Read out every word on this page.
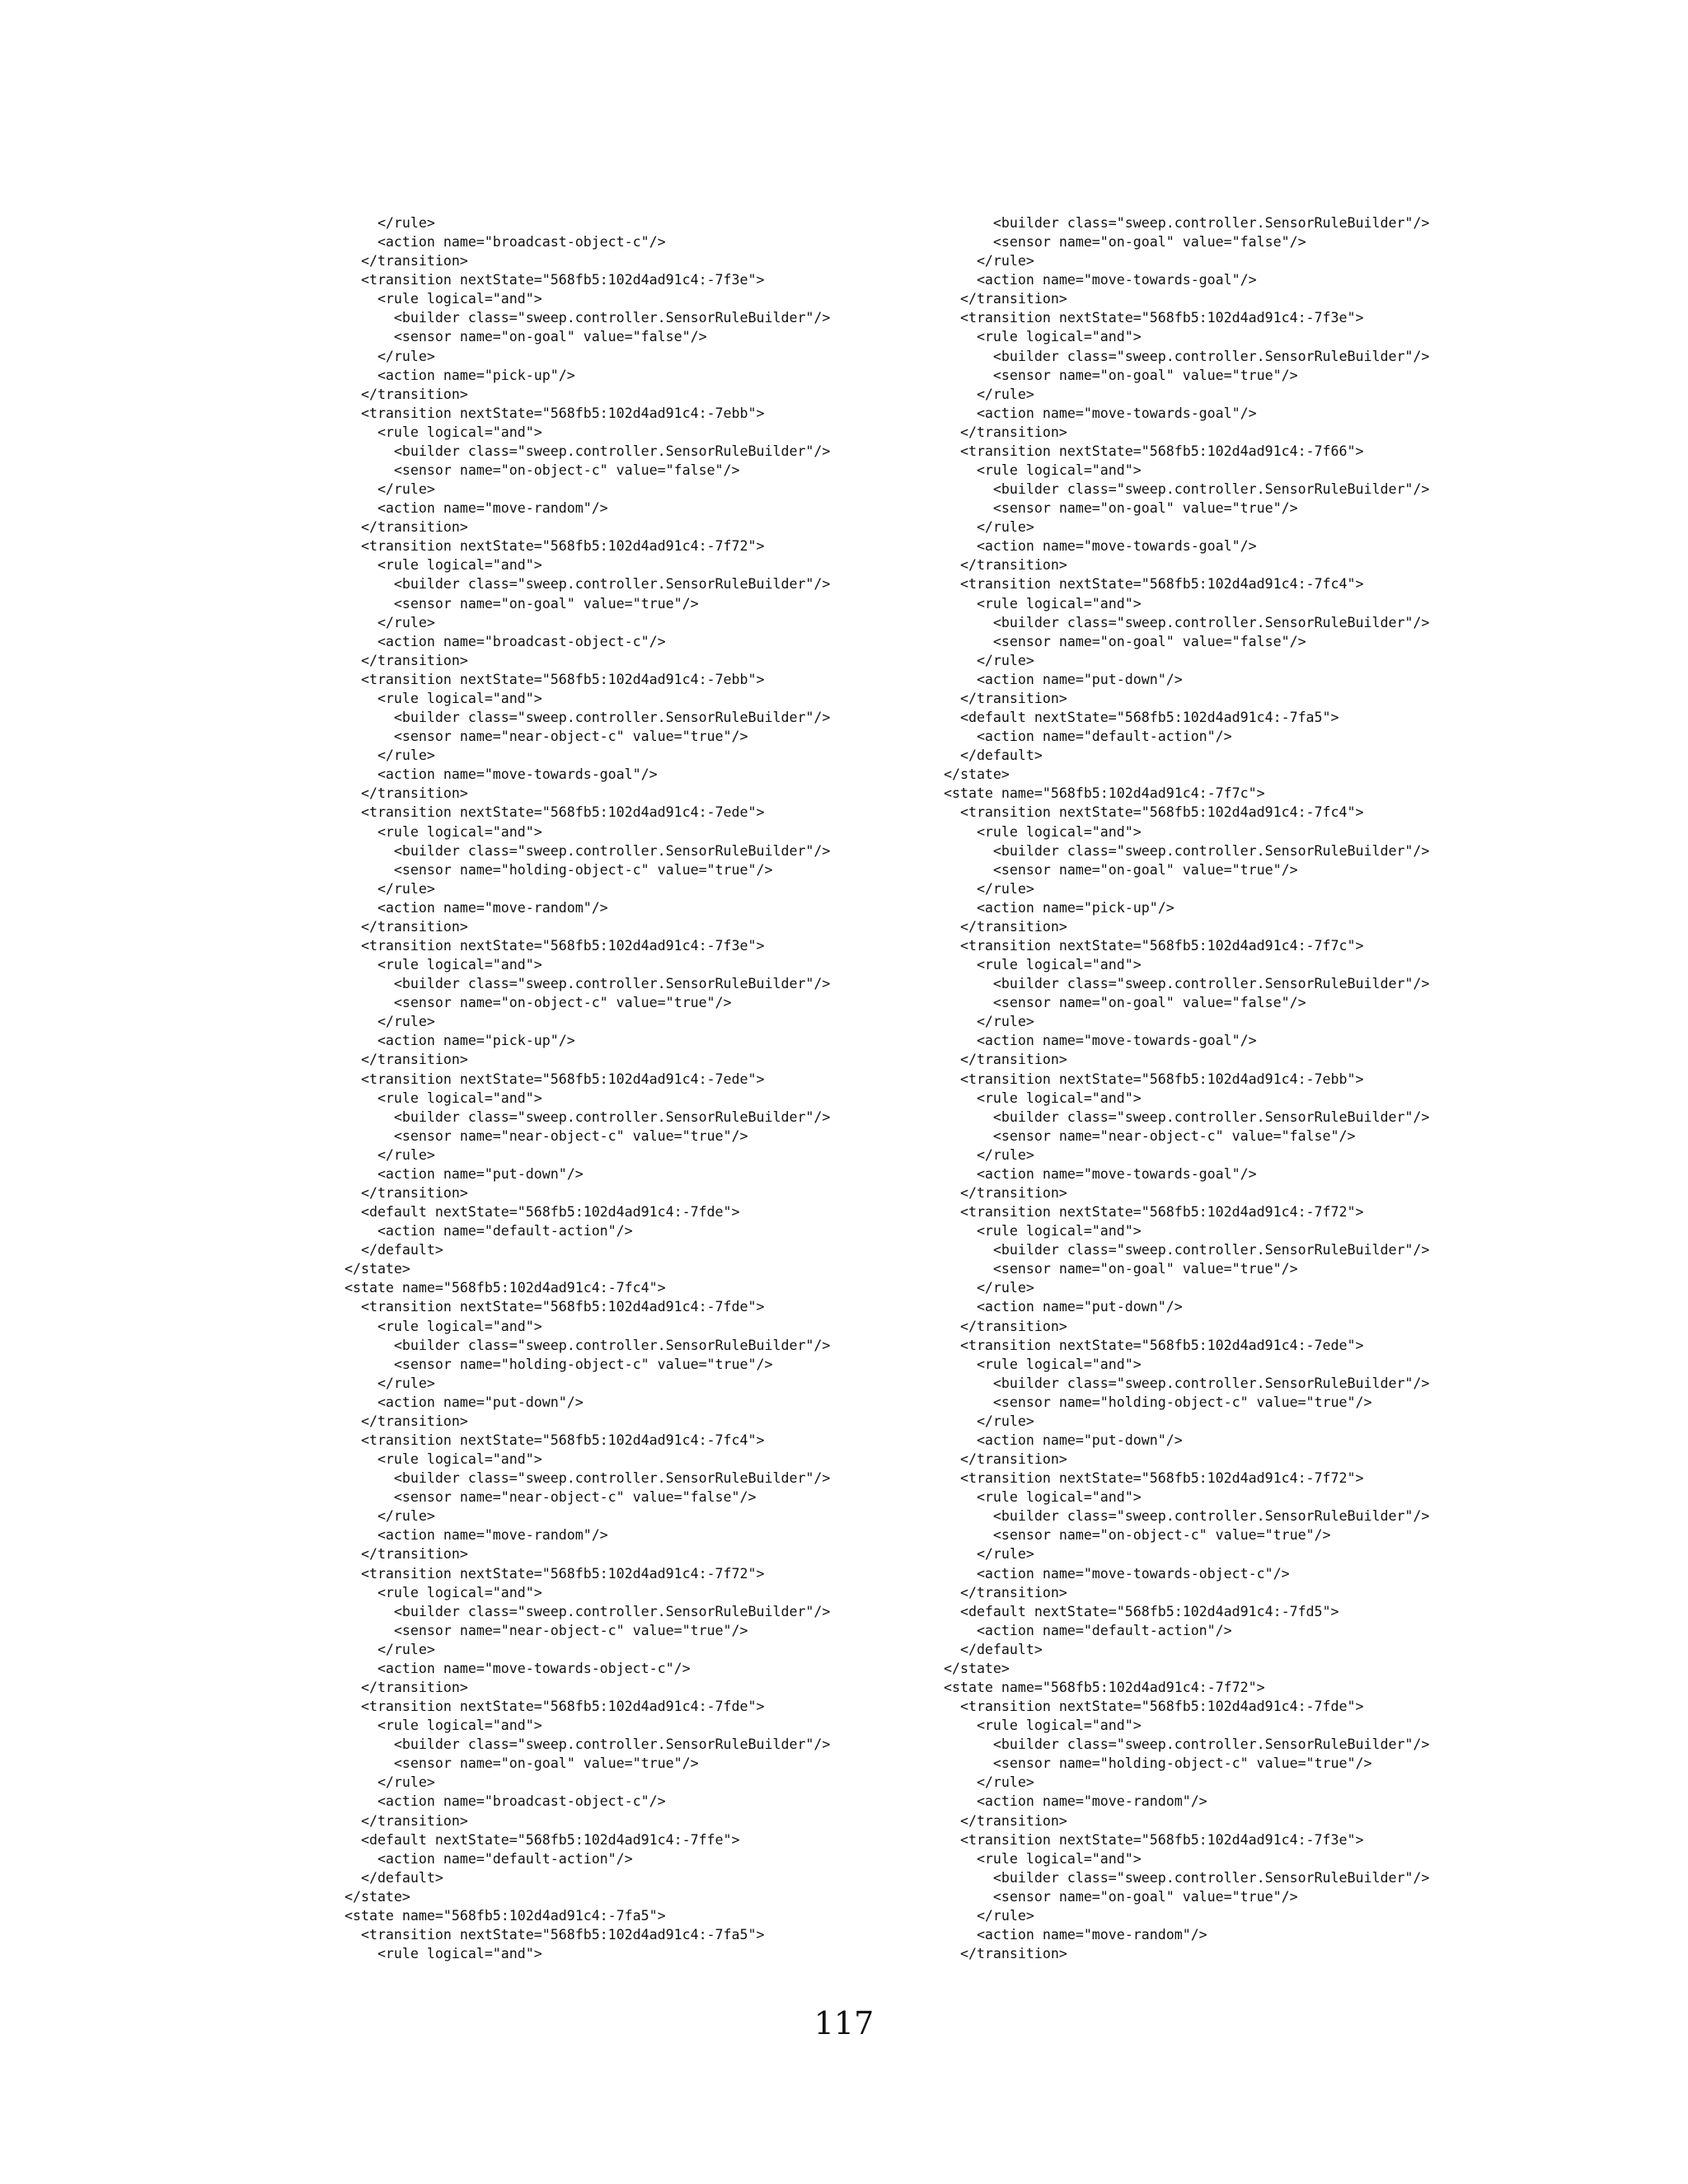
</rule>
<action name="broadcast-object-c"/>
</transition>
<transition nextState="568fb5:102d4ad91c4:-7f3e">
<rule logical="and">
<builder class="sweep.controller.SensorRuleBuilder"/>
<sensor name="on-goal" value="false"/>
</rule>
<action name="pick-up"/>
</transition>
<transition nextState="568fb5:102d4ad91c4:-7ebb">
<rule logical="and">
<builder class="sweep.controller.SensorRuleBuilder"/>
<sensor name="on-object-c" value="false"/>
</rule>
<action name="move-random"/>
</transition>
<transition nextState="568fb5:102d4ad91c4:-7f72">
<rule logical="and">
<builder class="sweep.controller.SensorRuleBuilder"/>
<sensor name="on-goal" value="true"/>
</rule>
<action name="broadcast-object-c"/>
</transition>
<transition nextState="568fb5:102d4ad91c4:-7ebb">
<rule logical="and">
<builder class="sweep.controller.SensorRuleBuilder"/>
<sensor name="near-object-c" value="true"/>
</rule>
<action name="move-towards-goal"/>
</transition>
<transition nextState="568fb5:102d4ad91c4:-7ede">
<rule logical="and">
<builder class="sweep.controller.SensorRuleBuilder"/>
<sensor name="holding-object-c" value="true"/>
</rule>
<action name="move-random"/>
</transition>
<transition nextState="568fb5:102d4ad91c4:-7f3e">
<rule logical="and">
<builder class="sweep.controller.SensorRuleBuilder"/>
<sensor name="on-object-c" value="true"/>
</rule>
<action name="pick-up"/>
</transition>
<transition nextState="568fb5:102d4ad91c4:-7ede">
<rule logical="and">
<builder class="sweep.controller.SensorRuleBuilder"/>
<sensor name="near-object-c" value="true"/>
</rule>
<action name="put-down"/>
</transition>
<default nextState="568fb5:102d4ad91c4:-7fde">
<action name="default-action"/>
</default>
</state>
<state name="568fb5:102d4ad91c4:-7fc4">
<transition nextState="568fb5:102d4ad91c4:-7fde">
<rule logical="and">
<builder class="sweep.controller.SensorRuleBuilder"/>
<sensor name="holding-object-c" value="true"/>
</rule>
<action name="put-down"/>
</transition>
<transition nextState="568fb5:102d4ad91c4:-7fc4">
<rule logical="and">
<builder class="sweep.controller.SensorRuleBuilder"/>
<sensor name="near-object-c" value="false"/>
</rule>
<action name="move-random"/>
</transition>
<transition nextState="568fb5:102d4ad91c4:-7f72">
<rule logical="and">
<builder class="sweep.controller.SensorRuleBuilder"/>
<sensor name="near-object-c" value="true"/>
</rule>
<action name="move-towards-object-c"/>
</transition>
<transition nextState="568fb5:102d4ad91c4:-7fde">
<rule logical="and">
<builder class="sweep.controller.SensorRuleBuilder"/>
<sensor name="on-goal" value="true"/>
</rule>
<action name="broadcast-object-c"/>
</transition>
<default nextState="568fb5:102d4ad91c4:-7ffe">
<action name="default-action"/>
</default>
</state>
<state name="568fb5:102d4ad91c4:-7fa5">
<transition nextState="568fb5:102d4ad91c4:-7fa5">
<rule logical="and">
<builder class="sweep.controller.SensorRuleBuilder"/>
<sensor name="on-goal" value="false"/>
</rule>
<action name="move-towards-goal"/>
</transition>
<transition nextState="568fb5:102d4ad91c4:-7f3e">
<rule logical="and">
<builder class="sweep.controller.SensorRuleBuilder"/>
<sensor name="on-goal" value="true"/>
</rule>
<action name="move-towards-goal"/>
</transition>
<transition nextState="568fb5:102d4ad91c4:-7f66">
<rule logical="and">
<builder class="sweep.controller.SensorRuleBuilder"/>
<sensor name="on-goal" value="true"/>
</rule>
<action name="move-towards-goal"/>
</transition>
<transition nextState="568fb5:102d4ad91c4:-7fc4">
<rule logical="and">
<builder class="sweep.controller.SensorRuleBuilder"/>
<sensor name="on-goal" value="false"/>
</rule>
<action name="put-down"/>
</transition>
<default nextState="568fb5:102d4ad91c4:-7fa5">
<action name="default-action"/>
</default>
</state>
<state name="568fb5:102d4ad91c4:-7f7c">
<transition nextState="568fb5:102d4ad91c4:-7fc4">
<rule logical="and">
<builder class="sweep.controller.SensorRuleBuilder"/>
<sensor name="on-goal" value="true"/>
</rule>
<action name="pick-up"/>
</transition>
<transition nextState="568fb5:102d4ad91c4:-7f7c">
<rule logical="and">
<builder class="sweep.controller.SensorRuleBuilder"/>
<sensor name="on-goal" value="false"/>
</rule>
<action name="move-towards-goal"/>
</transition>
<transition nextState="568fb5:102d4ad91c4:-7ebb">
<rule logical="and">
<builder class="sweep.controller.SensorRuleBuilder"/>
<sensor name="near-object-c" value="false"/>
</rule>
<action name="move-towards-goal"/>
</transition>
<transition nextState="568fb5:102d4ad91c4:-7f72">
<rule logical="and">
<builder class="sweep.controller.SensorRuleBuilder"/>
<sensor name="on-goal" value="true"/>
</rule>
<action name="put-down"/>
</transition>
<transition nextState="568fb5:102d4ad91c4:-7ede">
<rule logical="and">
<builder class="sweep.controller.SensorRuleBuilder"/>
<sensor name="holding-object-c" value="true"/>
</rule>
<action name="put-down"/>
</transition>
<transition nextState="568fb5:102d4ad91c4:-7f72">
<rule logical="and">
<builder class="sweep.controller.SensorRuleBuilder"/>
<sensor name="on-object-c" value="true"/>
</rule>
<action name="move-towards-object-c"/>
</transition>
<default nextState="568fb5:102d4ad91c4:-7fd5">
<action name="default-action"/>
</default>
</state>
<state name="568fb5:102d4ad91c4:-7f72">
<transition nextState="568fb5:102d4ad91c4:-7fde">
<rule logical="and">
<builder class="sweep.controller.SensorRuleBuilder"/>
<sensor name="holding-object-c" value="true"/>
</rule>
<action name="move-random"/>
</transition>
<transition nextState="568fb5:102d4ad91c4:-7f3e">
<rule logical="and">
<builder class="sweep.controller.SensorRuleBuilder"/>
<sensor name="on-goal" value="true"/>
</rule>
<action name="move-random"/>
</transition>
117
